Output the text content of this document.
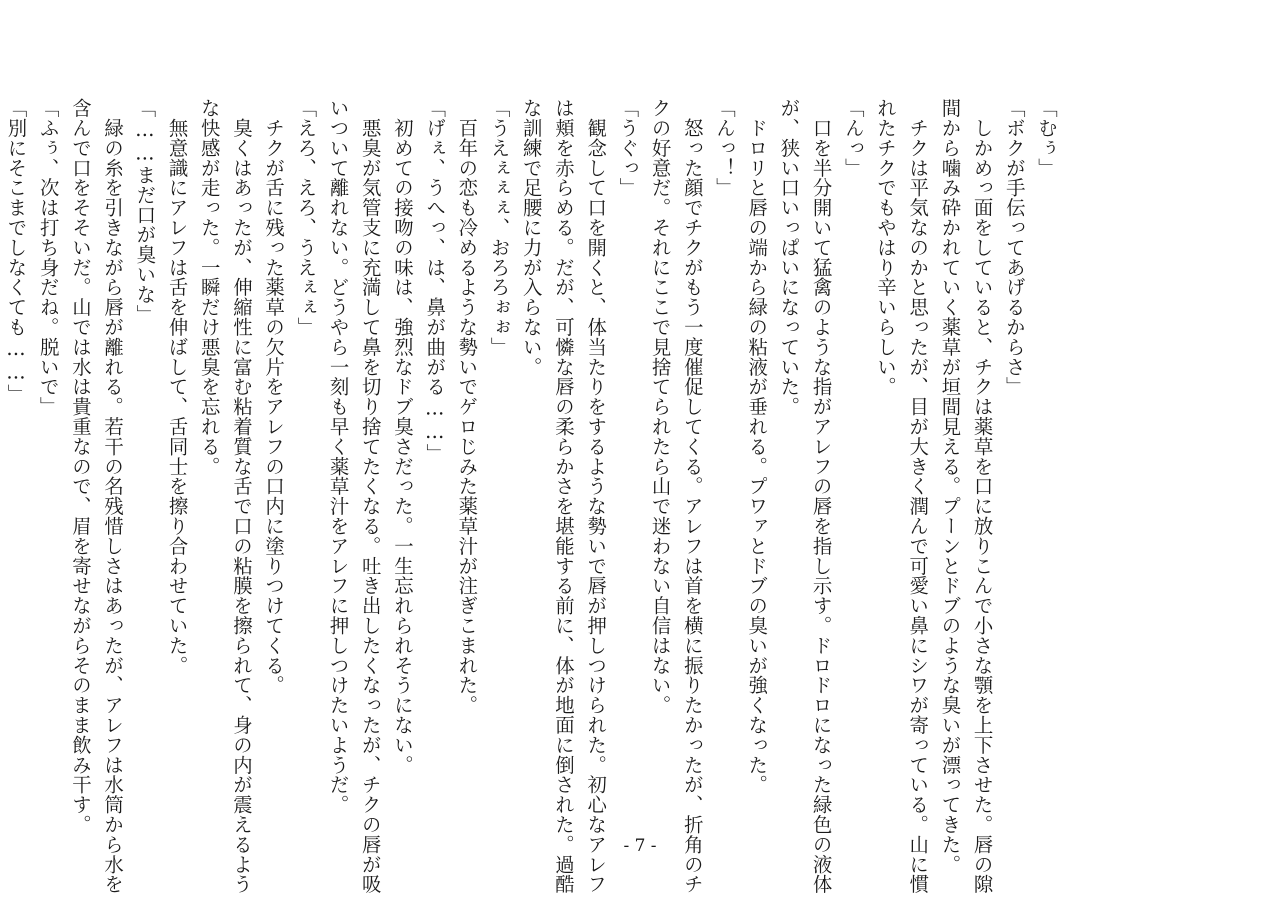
「むぅ」
「ボクが手伝ってあげるからさ」
　しかめっ面をしていると、チクは薬草を口に放りこんで小さな顎を上下させた。唇の隙
間から噛み砕かれていく薬草が垣間見える。プーンとドブのような臭いが漂ってきた。
　チクは平気なのかと思ったが、目が大きく潤んで可愛い鼻にシワが寄っている。山に慣
れたチクでもやはり辛いらしい。
「んっ」
　口を半分開いて猛禽のような指がアレフの唇を指し示す。ドロドロになった緑色の液体
が、狭い口いっぱいになっていた。
　ドロリと唇の端から緑の粘液が垂れる。プワァとドブの臭いが強くなった。
「んっ！」
　怒った顔でチクがもう一度催促してくる。アレフは首を横に振りたかったが、折角のチ
クの好意だ。それにここで見捨てられたら山で迷わない自信はない。
「うぐっ」
　観念して口を開くと、体当たりをするような勢いで唇が押しつけられた。初心なアレフ
は頬を赤らめる。だが、可憐な唇の柔らかさを堪能する前に、体が地面に倒された。過酷
な訓練で足腰に力が入らない。
「うえぇぇぇ、おろろぉぉ」
　百年の恋も冷めるような勢いでゲロじみた薬草汁が注ぎこまれた。
「げぇ、うへっ、は、鼻が曲がる……」
　初めての接吻の味は、強烈なドブ臭さだった。一生忘れられそうにない。
　悪臭が気管支に充満して鼻を切り捨てたくなる。吐き出したくなったが、チクの唇が吸
いついて離れない。どうやら一刻も早く薬草汁をアレフに押しつけたいようだ。
「えろ、えろ、うえぇぇ」
　チクが舌に残った薬草の欠片をアレフの口内に塗りつけてくる。
　臭くはあったが、伸縮性に富む粘着質な舌で口の粘膜を擦られて、身の内が震えるよう
な快感が走った。一瞬だけ悪臭を忘れる。
　無意識にアレフは舌を伸ばして、舌同士を擦り合わせていた。
「……まだ口が臭いな」
　緑の糸を引きながら唇が離れる。若干の名残惜しさはあったが、アレフは水筒から水を
含んで口をそそいだ。山では水は貴重なので、眉を寄せながらそのまま飲み干す。
「ふぅ、次は打ち身だね。脱いで」
「別にそこまでしなくても……」
- 7 -
